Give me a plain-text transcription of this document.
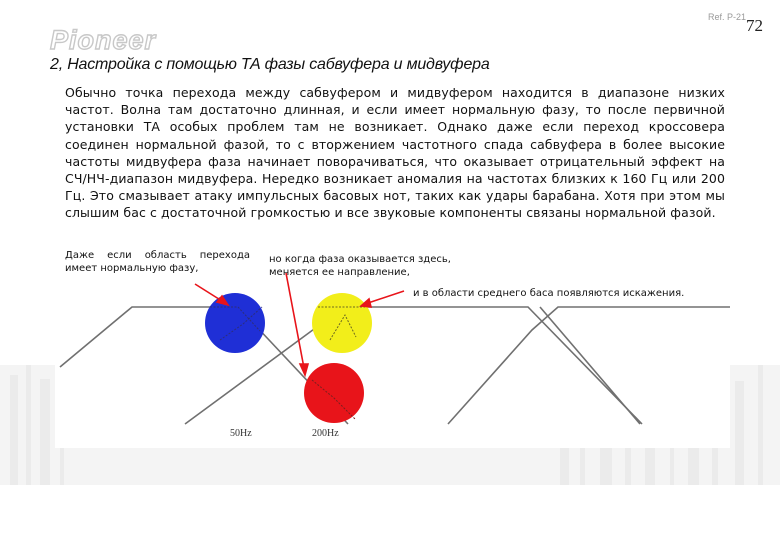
Pioneer
Ref. P-21 72
2, Настройка с помощью ТА фазы сабвуфера и мидвуфера
Обычно точка перехода между сабвуфером и мидвуфером находится в диапазоне низких частот. Волна там достаточно длинная, и если имеет нормальную фазу, то после первичной установки ТА особых проблем там не возникает. Однако даже если переход кроссовера соединен нормальной фазой, то с вторжением частотного спада сабвуфера в более высокие частоты мидвуфера фаза начинает поворачиваться, что оказывает отрицательный эффект на СЧ/НЧ-диапазон мидвуфера. Нередко возникает аномалия на частотах близких к 160 Гц или 200 Гц. Это смазывает атаку импульсных басовых нот, таких как удары барабана. Хотя при этом мы слышим бас с достаточной громкостью и все звуковые компоненты связаны нормальной фазой.
Даже если область перехода имеет нормальную фазу,
но когда фаза оказывается здесь, меняется ее направление,
и в области среднего баса появляются искажения.
50Hz	200Hz
